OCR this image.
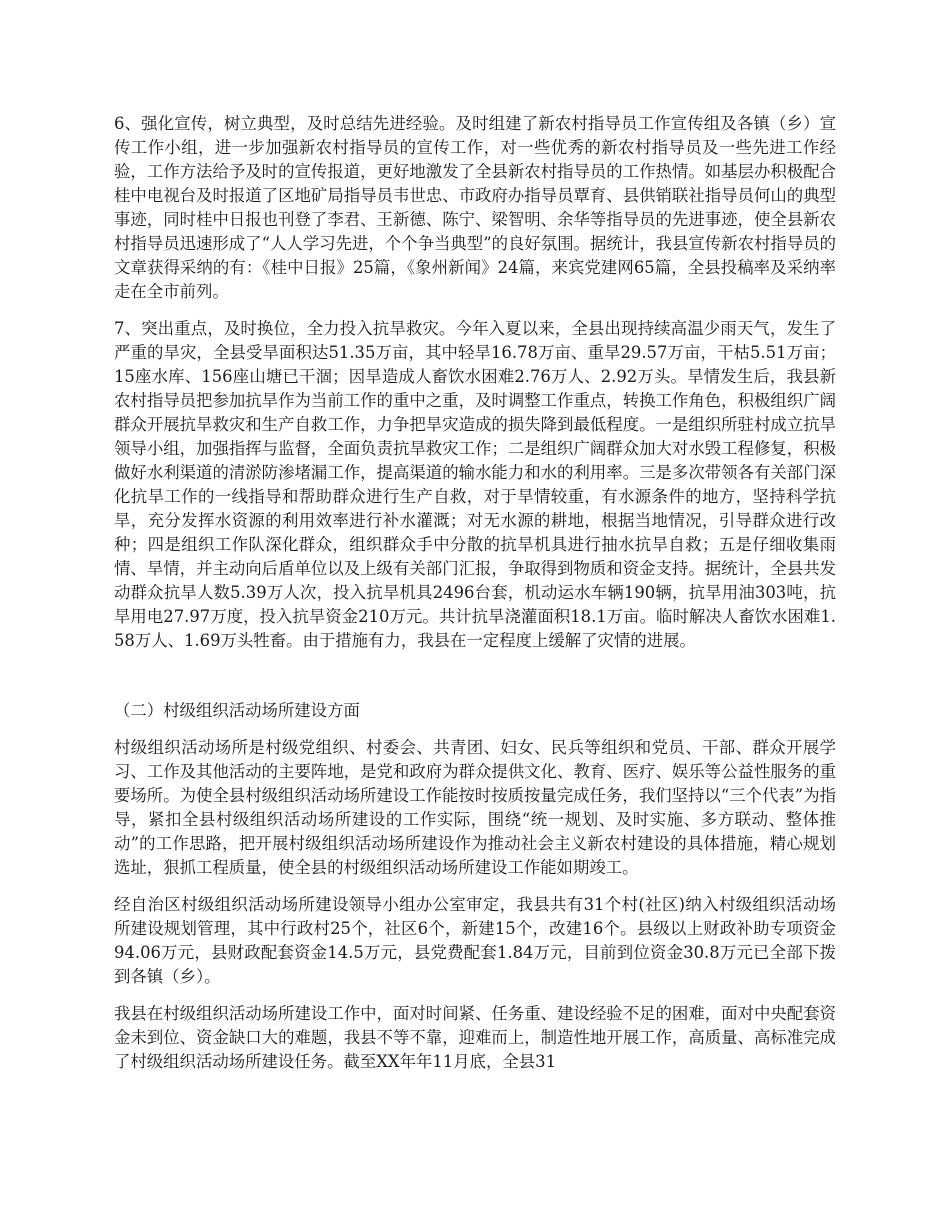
6、强化宣传，树立典型，及时总结先进经验。及时组建了新农村指导员工作宣传组及各镇（乡）宣传工作小组，进一步加强新农村指导员的宣传工作，对一些优秀的新农村指导员及一些先进工作经验，工作方法给予及时的宣传报道，更好地激发了全县新农村指导员的工作热情。如基层办积极配合桂中电视台及时报道了区地矿局指导员韦世忠、市政府办指导员覃育、县供销联社指导员何山的典型事迹，同时桂中日报也刊登了李君、王新德、陈宁、梁智明、余华等指导员的先进事迹，使全县新农村指导员迅速形成了“人人学习先进，个个争当典型”的良好氛围。据统计，我县宣传新农村指导员的文章获得采纳的有：《桂中日报》25篇，《象州新闻》24篇，来宾党建网65篇，全县投稿率及采纳率走在全市前列。

7、突出重点，及时换位，全力投入抗旱救灾。今年入夏以来，全县出现持续高温少雨天气，发生了严重的旱灾，全县受旱面积达51.35万亩，其中轻旱16.78万亩、重旱29.57万亩，干枯5.51万亩；15座水库、156座山塘已干涸；因旱造成人畜饮水困难2.76万人、2.92万头。旱情发生后，我县新农村指导员把参加抗旱作为当前工作的重中之重，及时调整工作重点，转换工作角色，积极组织广阔群众开展抗旱救灾和生产自救工作，力争把旱灾造成的损失降到最低程度。一是组织所驻村成立抗旱领导小组，加强指挥与监督，全面负责抗旱救灾工作；二是组织广阔群众加大对水毁工程修复，积极做好水利渠道的清淤防渗堵漏工作，提高渠道的输水能力和水的利用率。三是多次带领各有关部门深化抗旱工作的一线指导和帮助群众进行生产自救，对于旱情较重，有水源条件的地方，坚持科学抗旱，充分发挥水资源的利用效率进行补水灌溉；对无水源的耕地，根据当地情况，引导群众进行改种；四是组织工作队深化群众，组织群众手中分散的抗旱机具进行抽水抗旱自救；五是仔细收集雨情、旱情，并主动向后盾单位以及上级有关部门汇报，争取得到物质和资金支持。据统计，全县共发动群众抗旱人数5.39万人次，投入抗旱机具2496台套，机动运水车辆190辆，抗旱用油303吨，抗旱用电27.97万度，投入抗旱资金210万元。共计抗旱浇灌面积18.1万亩。临时解决人畜饮水困难1.58万人、1.69万头牲畜。由于措施有力，我县在一定程度上缓解了灾情的进展。

（二）村级组织活动场所建设方面

村级组织活动场所是村级党组织、村委会、共青团、妇女、民兵等组织和党员、干部、群众开展学习、工作及其他活动的主要阵地，是党和政府为群众提供文化、教育、医疗、娱乐等公益性服务的重要场所。为使全县村级组织活动场所建设工作能按时按质按量完成任务，我们坚持以“三个代表”为指导，紧扣全县村级组织活动场所建设的工作实际，围绕“统一规划、及时实施、多方联动、整体推动”的工作思路，把开展村级组织活动场所建设作为推动社会主义新农村建设的具体措施，精心规划选址，狠抓工程质量，使全县的村级组织活动场所建设工作能如期竣工。

经自治区村级组织活动场所建设领导小组办公室审定，我县共有31个村(社区)纳入村级组织活动场所建设规划管理，其中行政村25个，社区6个，新建15个，改建16个。县级以上财政补助专项资金94.06万元，县财政配套资金14.5万元，县党费配套1.84万元，目前到位资金30.8万元已全部下拨到各镇（乡）。

我县在村级组织活动场所建设工作中，面对时间紧、任务重、建设经验不足的困难，面对中央配套资金未到位、资金缺口大的难题，我县不等不靠，迎难而上，制造性地开展工作，高质量、高标准完成了村级组织活动场所建设任务。截至XX年年11月底，全县31
